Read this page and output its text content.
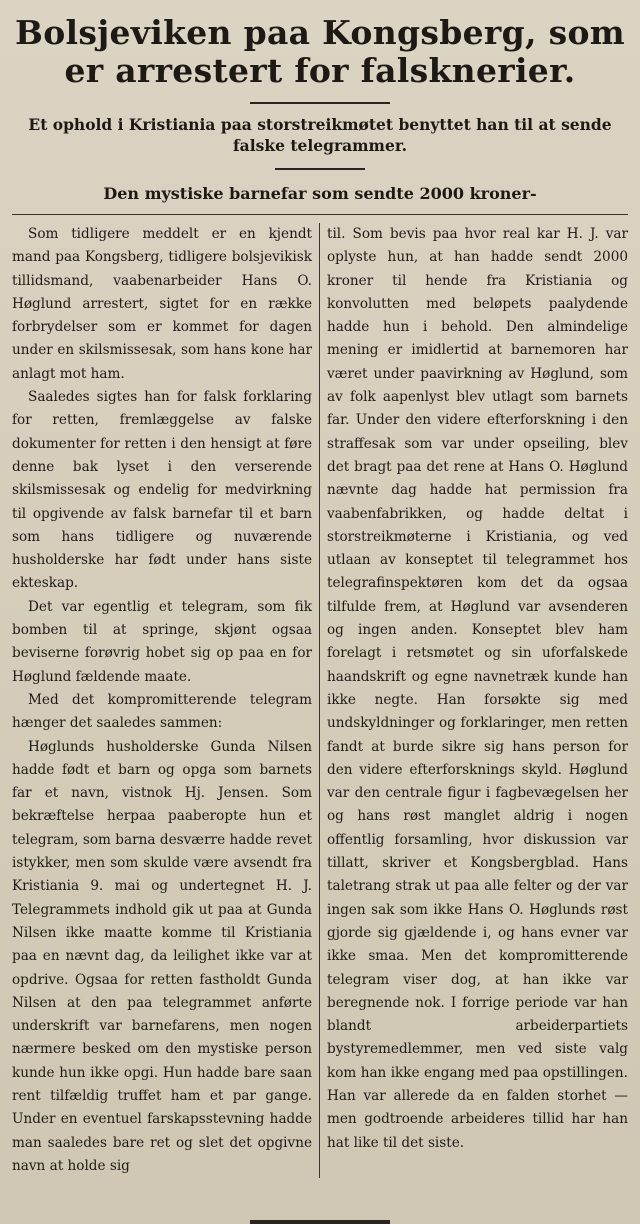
Bolsjeviken paa Kongsberg, som
er arrestert for falsknerier.

Et ophold i Kristiania paa storstreikmøtet benyttet han til at sende falske telegrammer.

Den mystiske barnefar som sendte 2000 kroner-

Som tidligere meddelt er en kjendt mand paa Kongsberg, tidligere bolsjevikisk tillidsmand, vaabenarbeider Hans O. Høglund arrestert, sigtet for en række forbrydelser som er kommet for dagen under en skilsmissesak, som hans kone har anlagt mot ham.

Saaledes sigtes han for falsk forklaring for retten, fremlæggelse av falske dokumenter for retten i den hensigt at føre denne bak lyset i den verserende skilsmissesak og endelig for medvirkning til opgivende av falsk barnefar til et barn som hans tidligere og nuværende husholderske har født under hans siste ekteskap.

Det var egentlig et telegram, som fik bomben til at springe, skjønt ogsaa beviserne forøvrig hobet sig op paa en for Høglund fældende maate.

Med det kompromitterende telegram hænger det saaledes sammen:

Høglunds husholderske Gunda Nilsen hadde født et barn og opga som barnets far et navn, vistnok Hj. Jensen. Som bekræftelse herpaa paaberopte hun et telegram, som barna desværre hadde revet istykker, men som skulde være avsendt fra Kristiania 9. mai og undertegnet H. J. Telegrammets indhold gik ut paa at Gunda Nilsen ikke maatte komme til Kristiania paa en nævnt dag, da leilighet ikke var at opdrive. Ogsaa for retten fastholdt Gunda Nilsen at den paa telegrammet anførte underskrift var barnefarens, men nogen nærmere besked om den mystiske person kunde hun ikke opgi. Hun hadde bare saan rent tilfældig truffet ham et par gange. Under en eventuel farskapsstevning hadde man saaledes bare ret og slet det opgivne navn at holde sig

til. Som bevis paa hvor real kar H. J. var oplyste hun, at han hadde sendt 2000 kroner til hende fra Kristiania og konvolutten med beløpets paalydende hadde hun i behold. Den almindelige mening er imidlertid at barnemoren har været under paavirkning av Høglund, som av folk aapenlyst blev utlagt som barnets far. Under den videre efterforskning i den straffesak som var under opseiling, blev det bragt paa det rene at Hans O. Høglund nævnte dag hadde hat permission fra vaabenfabrikken, og hadde deltat i storstreikmøterne i Kristiania, og ved utlaan av konseptet til telegrammet hos telegrafinspektøren kom det da ogsaa tilfulde frem, at Høglund var avsenderen og ingen anden. Konseptet blev ham forelagt i retsmøtet og sin uforfalskede haandskrift og egne navnetræk kunde han ikke negte. Han forsøkte sig med undskyldninger og forklaringer, men retten fandt at burde sikre sig hans person for den videre efterforsknings skyld. Høglund var den centrale figur i fagbevægelsen her og hans røst manglet aldrig i nogen offentlig forsamling, hvor diskussion var tillatt, skriver et Kongsbergblad. Hans taletrang strak ut paa alle felter og der var ingen sak som ikke Hans O. Høglunds røst gjorde sig gjældende i, og hans evner var ikke smaa. Men det kompromitterende telegram viser dog, at han ikke var beregnende nok. I forrige periode var han blandt arbeiderpartiets bystyremedlemmer, men ved siste valg kom han ikke engang med paa opstillingen. Han var allerede da en falden storhet — men godtroende arbeideres tillid har han hat like til det siste.
